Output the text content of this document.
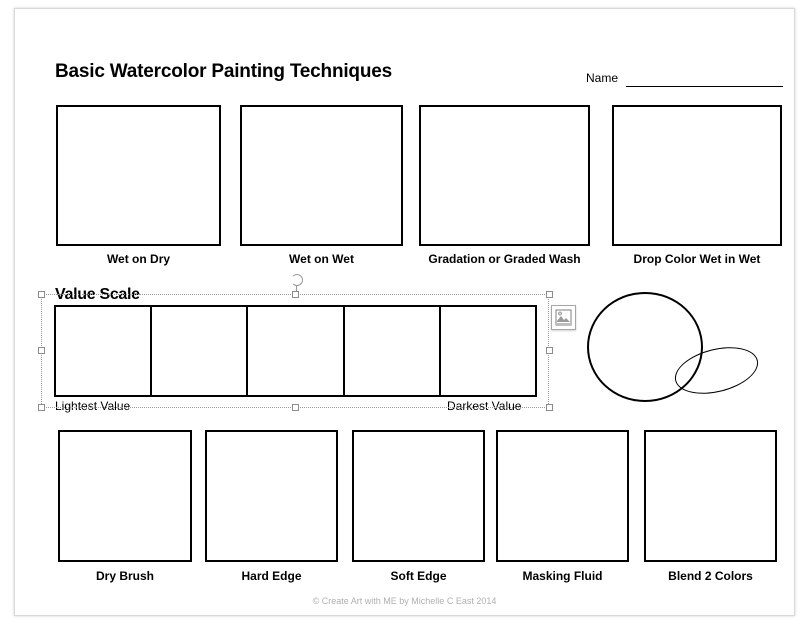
Basic Watercolor Painting Techniques	Name
Wet on Dry	Wet on Wet	Gradation or Graded Wash	Drop Color Wet in Wet
Value Scale
Lightest Value	Darkest Value
Dry Brush	Hard Edge	Soft Edge	Masking Fluid	Blend 2 Colors
© Create Art with ME by Michelle C East 2014
